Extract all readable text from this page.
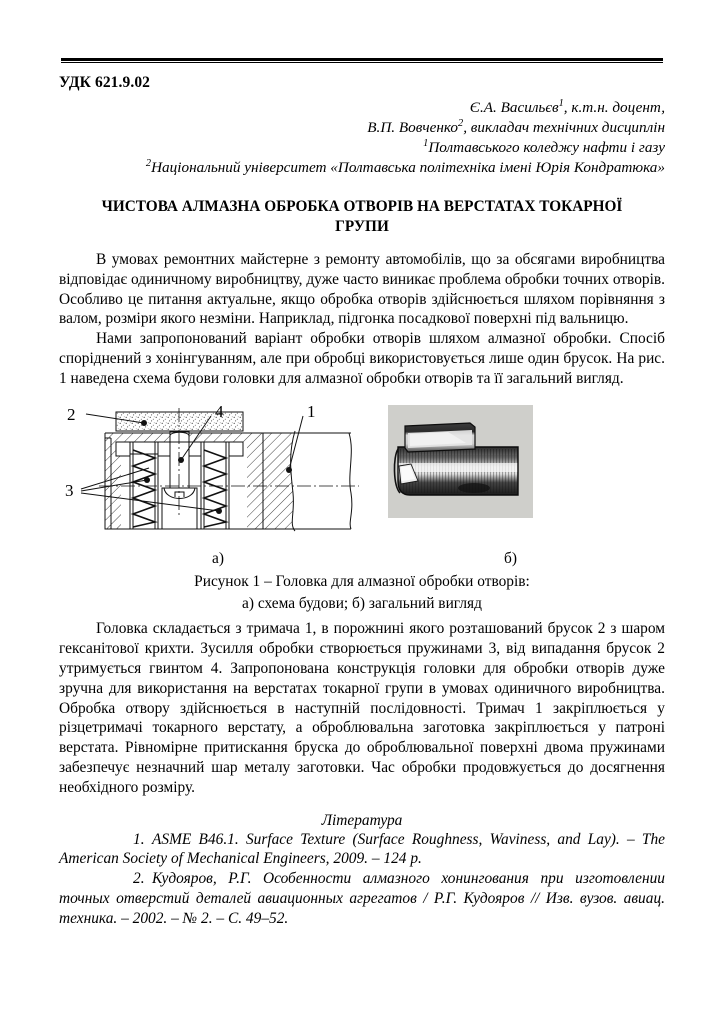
УДК 621.9.02
Є.А. Васильєв$^1$, к.т.н. доцент,
В.П. Вовченко$^2$, викладач технічних дисциплін
$^1$Полтавського коледжу нафти і газу
$^2$Національний університет «Полтавська політехніка імені Юрія Кондратюка»
ЧИСТОВА АЛМАЗНА ОБРОБКА ОТВОРІВ НА ВЕРСТАТАХ ТОКАРНОЇ ГРУПИ

В умовах ремонтних майстерне з ремонту автомобілів, що за обсягами виробництва відповідає одиничному виробництву, дуже часто виникає проблема обробки точних отворів. Особливо це питання актуальне, якщо обробка отворів здійснюється шляхом порівняння з валом, розміри якого незміни. Наприклад, підгонка посадкової поверхні під вальницю.

Нами запропонований варіант обробки отворів шляхом алмазної обробки. Спосіб споріднений з хонінгуванням, але при обробці використовується лише один брусок. На рис. 1 наведена схема будови головки для алмазної обробки отворів та її загальний вигляд.

2	4	1
3
a)	б)
Рисунок 1 – Головка для алмазної обробки отворів:
а) схема будови; б) загальний вигляд

Головка складається з тримача 1, в порожнині якого розташований брусок 2 з шаром гексанітової крихти. Зусилля обробки створюється пружинами 3, від випадання брусок 2 утримується гвинтом 4. Запропонована конструкція головки для обробки отворів дуже зручна для використання на верстатах токарної групи в умовах одиничного виробництва. Обробка отвору здійснюється в наступній послідовності. Тримач 1 закріплюється у різцетримачі токарного верстату, а оброблювальна заготовка закріплюється у патроні верстата. Рівномірне притискання бруска до оброблювальної поверхні двома пружинами забезпечує незначний шар металу заготовки. Час обробки продовжується до досягнення необхідного розміру.

Література

1. ASME B46.1. Surface Texture (Surface Roughness, Waviness, and Lay). – The American Society of Mechanical Engineers, 2009. – 124 p.

2. Кудояров, Р.Г. Особенности алмазного хонингования при изготовлении точных отверстий деталей авиационных агрегатов / Р.Г. Кудояров // Изв. вузов. авиац. техника. – 2002. – № 2. – С. 49–52.
